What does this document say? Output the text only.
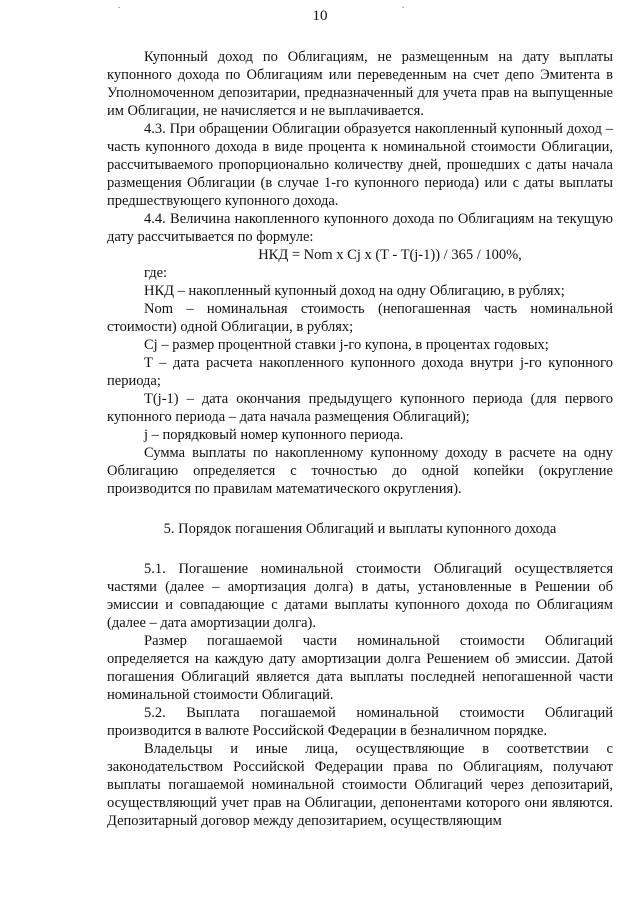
.	.
10

Купонный доход по Облигациям, не размещенным на дату выплаты купонного дохода по Облигациям или переведенным на счет депо Эмитента в Уполномоченном депозитарии, предназначенный для учета прав на выпущенные им Облигации, не начисляется и не выплачивается.

4.3. При обращении Облигации образуется накопленный купонный доход – часть купонного дохода в виде процента к номинальной стоимости Облигации, рассчитываемого пропорционально количеству дней, прошедших с даты начала размещения Облигации (в случае 1-го купонного периода) или с даты выплаты предшествующего купонного дохода.

4.4. Величина накопленного купонного дохода по Облигациям на текущую дату рассчитывается по формуле:

НКД = Nom x Cj x (T - T(j-1)) / 365 / 100%,

где:

НКД – накопленный купонный доход на одну Облигацию, в рублях;

Nom – номинальная стоимость (непогашенная часть номинальной стоимости) одной Облигации, в рублях;

Cj – размер процентной ставки j-го купона, в процентах годовых;

T – дата расчета накопленного купонного дохода внутри j-го купонного периода;

T(j-1) – дата окончания предыдущего купонного периода (для первого купонного периода – дата начала размещения Облигаций);

j – порядковый номер купонного периода.

Сумма выплаты по накопленному купонному доходу в расчете на одну Облигацию определяется с точностью до одной копейки (округление производится по правилам математического округления).

5. Порядок погашения Облигаций и выплаты купонного дохода

5.1. Погашение номинальной стоимости Облигаций осуществляется частями (далее – амортизация долга) в даты, установленные в Решении об эмиссии и совпадающие с датами выплаты купонного дохода по Облигациям (далее – дата амортизации долга).

Размер погашаемой части номинальной стоимости Облигаций определяется на каждую дату амортизации долга Решением об эмиссии. Датой погашения Облигаций является дата выплаты последней непогашенной части номинальной стоимости Облигаций.

5.2. Выплата погашаемой номинальной стоимости Облигаций производится в валюте Российской Федерации в безналичном порядке.

Владельцы и иные лица, осуществляющие в соответствии с законодательством Российской Федерации права по Облигациям, получают выплаты погашаемой номинальной стоимости Облигаций через депозитарий, осуществляющий учет прав на Облигации, депонентами которого они являются. Депозитарный договор между депозитарием, осуществляющим
